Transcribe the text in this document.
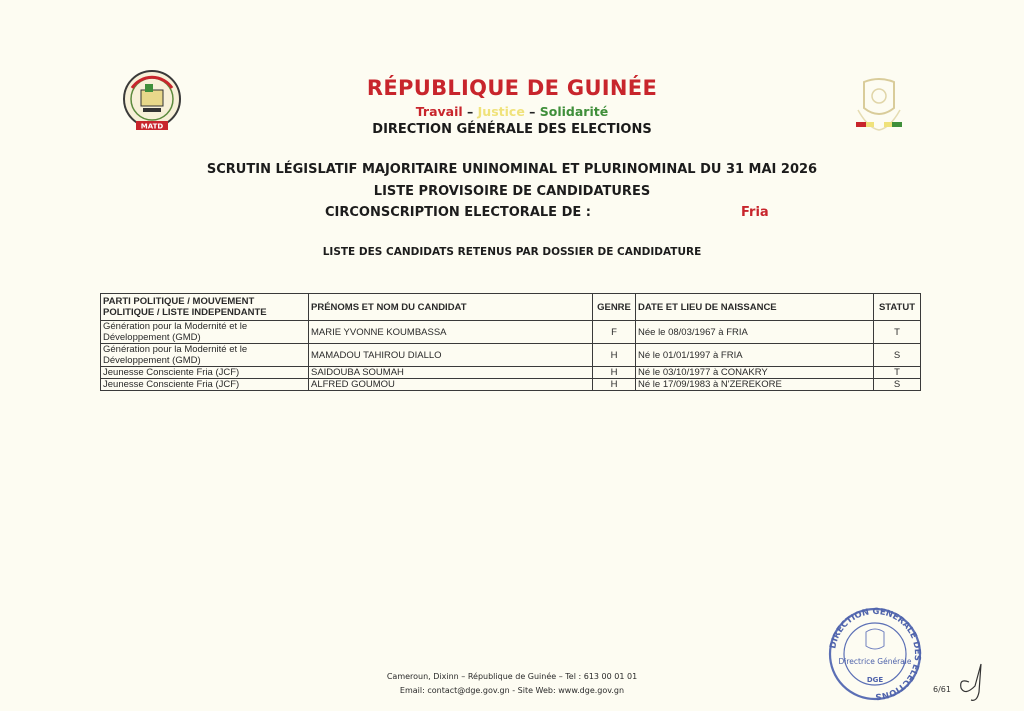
MATD
RÉPUBLIQUE DE GUINÉE
Travail – Justice – Solidarité
DIRECTION GÉNÉRALE DES ELECTIONS
SCRUTIN LÉGISLATIF MAJORITAIRE UNINOMINAL ET PLURINOMINAL DU 31 MAI 2026
LISTE PROVISOIRE DE CANDIDATURES
CIRCONSCRIPTION ELECTORALE DE :	Fria
LISTE DES CANDIDATS RETENUS PAR DOSSIER DE CANDIDATURE
PARTI POLITIQUE / MOUVEMENT POLITIQUE / LISTE INDEPENDANTE	PRÉNOMS ET NOM DU CANDIDAT	GENRE	DATE ET LIEU DE NAISSANCE	STATUT
Génération pour la Modernité et le Développement (GMD)	MARIE YVONNE KOUMBASSA	F	Née le 08/03/1967 à FRIA	T
Génération pour la Modernité et le Développement (GMD)	MAMADOU TAHIROU DIALLO	H	Né le 01/01/1997 à FRIA	S
Jeunesse Consciente Fria (JCF)	SAIDOUBA SOUMAH	H	Né le 03/10/1977 à CONAKRY	T
Jeunesse Consciente Fria (JCF)	ALFRED GOUMOU	H	Né le 17/09/1983 à N'ZEREKORE	S
Cameroun, Dixinn – République de Guinée – Tel : 613 00 01 01
Email: contact@dge.gov.gn - Site Web: www.dge.gov.gn
DIRECTION GENERALE DES ELECTIONS
Directrice Générale
DGE
6/61
